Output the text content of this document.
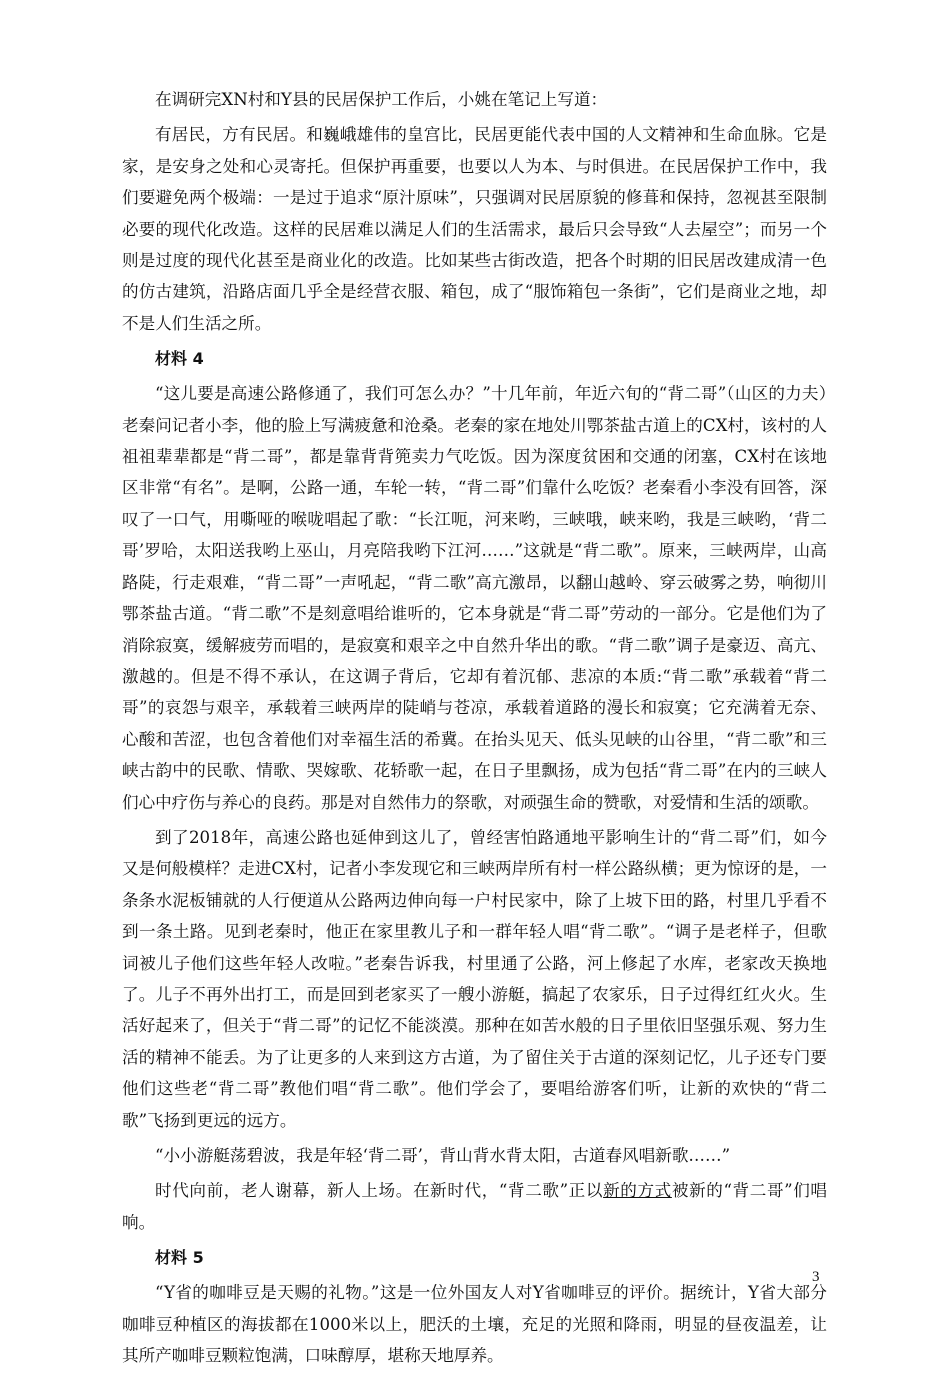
在调研完XN村和Y县的民居保护工作后，小姚在笔记上写道：

有居民，方有民居。和巍峨雄伟的皇宫比，民居更能代表中国的人文精神和生命血脉。它是家，是安身之处和心灵寄托。但保护再重要，也要以人为本、与时俱进。在民居保护工作中，我们要避免两个极端：一是过于追求“原汁原味”，只强调对民居原貌的修葺和保持，忽视甚至限制必要的现代化改造。这样的民居难以满足人们的生活需求，最后只会导致“人去屋空”；而另一个则是过度的现代化甚至是商业化的改造。比如某些古街改造，把各个时期的旧民居改建成清一色的仿古建筑，沿路店面几乎全是经营衣服、箱包，成了“服饰箱包一条街”，它们是商业之地，却不是人们生活之所。

材料 4

“这儿要是高速公路修通了，我们可怎么办？”十几年前，年近六旬的“背二哥”（山区的力夫）老秦问记者小李，他的脸上写满疲惫和沧桑。老秦的家在地处川鄂茶盐古道上的CX村，该村的人祖祖辈辈都是“背二哥”，都是靠背背篼卖力气吃饭。因为深度贫困和交通的闭塞，CX村在该地区非常“有名”。是啊，公路一通，车轮一转，“背二哥”们靠什么吃饭？老秦看小李没有回答，深叹了一口气，用嘶哑的喉咙唱起了歌：“长江呃，河来哟，三峡哦，峡来哟，我是三峡哟，‘背二哥’罗哈，太阳送我哟上巫山，月亮陪我哟下江河……”这就是“背二歌”。原来，三峡两岸，山高路陡，行走艰难，“背二哥”一声吼起，“背二歌”高亢激昂，以翻山越岭、穿云破雾之势，响彻川鄂茶盐古道。“背二歌”不是刻意唱给谁听的，它本身就是“背二哥”劳动的一部分。它是他们为了消除寂寞，缓解疲劳而唱的，是寂寞和艰辛之中自然升华出的歌。“背二歌”调子是豪迈、高亢、激越的。但是不得不承认，在这调子背后，它却有着沉郁、悲凉的本质:“背二歌”承载着“背二哥”的哀怨与艰辛，承载着三峡两岸的陡峭与苍凉，承载着道路的漫长和寂寞；它充满着无奈、心酸和苦涩，也包含着他们对幸福生活的希冀。在抬头见天、低头见峡的山谷里，“背二歌”和三峡古韵中的民歌、情歌、哭嫁歌、花轿歌一起，在日子里飘扬，成为包括“背二哥”在内的三峡人们心中疗伤与养心的良药。那是对自然伟力的祭歌，对顽强生命的赞歌，对爱情和生活的颂歌。

到了2018年，高速公路也延伸到这儿了，曾经害怕路通地平影响生计的“背二哥”们，如今又是何般模样？走进CX村，记者小李发现它和三峡两岸所有村一样公路纵横；更为惊讶的是，一条条水泥板铺就的人行便道从公路两边伸向每一户村民家中，除了上坡下田的路，村里几乎看不到一条土路。见到老秦时，他正在家里教儿子和一群年轻人唱“背二歌”。“调子是老样子，但歌词被儿子他们这些年轻人改啦。”老秦告诉我，村里通了公路，河上修起了水库，老家改天换地了。儿子不再外出打工，而是回到老家买了一艘小游艇，搞起了农家乐，日子过得红红火火。生活好起来了，但关于“背二哥”的记忆不能淡漠。那种在如苦水般的日子里依旧坚强乐观、努力生活的精神不能丢。为了让更多的人来到这方古道，为了留住关于古道的深刻记忆，儿子还专门要他们这些老“背二哥”教他们唱“背二歌”。他们学会了，要唱给游客们听，让新的欢快的“背二歌”飞扬到更远的远方。

“小小游艇荡碧波，我是年轻‘背二哥’，背山背水背太阳，古道春风唱新歌……”

时代向前，老人谢幕，新人上场。在新时代，“背二歌”正以新的方式被新的“背二哥”们唱响。

材料 5

“Y省的咖啡豆是天赐的礼物。”这是一位外国友人对Y省咖啡豆的评价。据统计，Y省大部分咖啡豆种植区的海拔都在1000米以上，肥沃的土壤，充足的光照和降雨，明显的昼夜温差，让其所产咖啡豆颗粒饱满，口味醇厚，堪称天地厚养。

3
